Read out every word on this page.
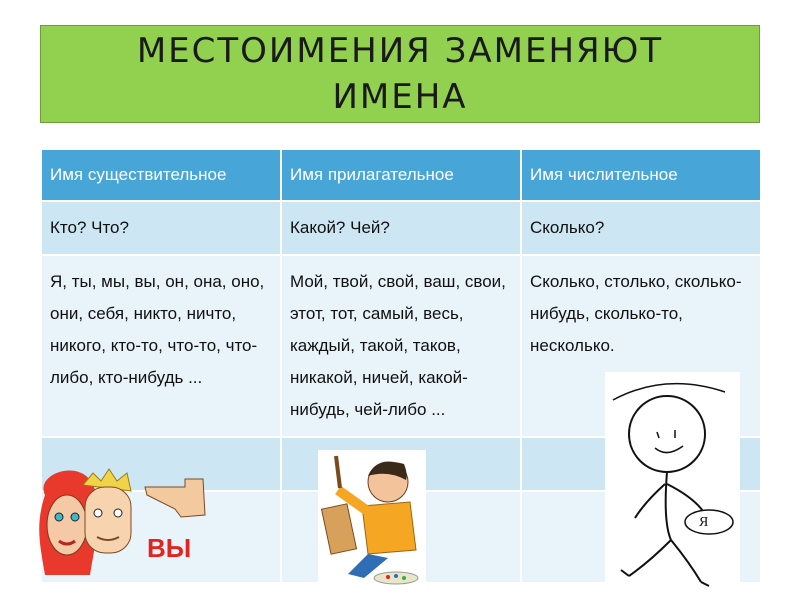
МЕСТОИМЕНИЯ ЗАМЕНЯЮТ ИМЕНА
Имя существительное	Имя прилагательное	Имя числительное
Кто? Что?	Какой? Чей?	Сколько?
Я, ты, мы, вы, он, она, оно, они, себя, никто, ничто, никого, кто-то, что-то, что-либо, кто-нибудь ...	Мой, твой, свой, ваш, свои, этот, тот, самый, весь, каждый, такой, таков, никакой, ничей, какой-нибудь, чей-либо ...	Сколько, столько, сколько-нибудь, сколько-то, несколько.

ВЫ
Я
